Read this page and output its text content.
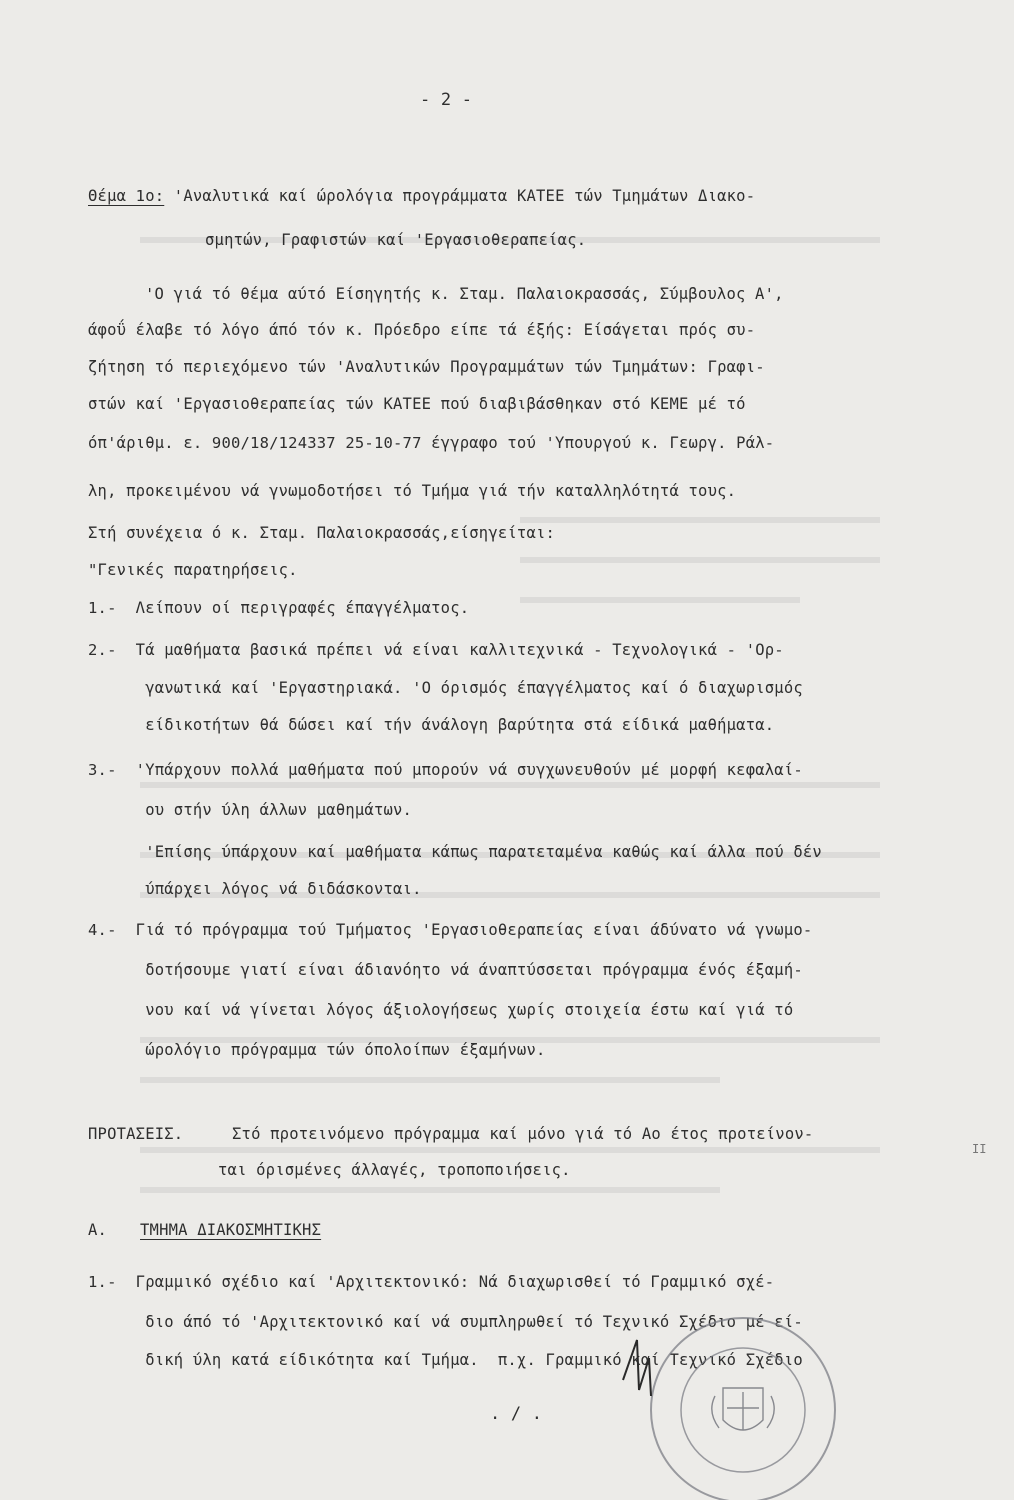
- 2 -
Θέμα 1ο: 'Αναλυτικά καί ώρολόγια προγράμματα ΚΑΤΕΕ τών Τμημάτων Διακο-
σμητών, Γραφιστών καί 'Εργασιοθεραπείας.
'Ο γιά τό θέμα αύτό Είσηγητής κ. Σταμ. Παλαιοκρασσάς, Σύμβουλος Α',
άφοΰ έλαβε τό λόγο άπό τόν κ. Πρόεδρο είπε τά έξής: Είσάγεται πρός συ-
ζήτηση τό περιεχόμενο τών 'Αναλυτικών Προγραμμάτων τών Τμημάτων: Γραφι-
στών καί 'Εργασιοθεραπείας τών ΚΑΤΕΕ πού διαβιβάσθηκαν στό ΚΕΜΕ μέ τό
όπ'άριθμ. ε. 900/18/124337 25-10-77 έγγραφο τού 'Υπουργού κ. Γεωργ. Ράλ-
λη, προκειμένου νά γνωμοδοτήσει τό Τμήμα γιά τήν καταλληλότητά τους.
Στή συνέχεια ό κ. Σταμ. Παλαιοκρασσάς,είσηγείται:
"Γενικές παρατηρήσεις.
1.-  Λείπουν οί περιγραφές έπαγγέλματος.
2.-  Τά μαθήματα βασικά πρέπει νά είναι καλλιτεχνικά - Τεχνολογικά - 'Ορ-
γανωτικά καί 'Εργαστηριακά. 'Ο όρισμός έπαγγέλματος καί ό διαχωρισμός
είδικοτήτων θά δώσει καί τήν άνάλογη βαρύτητα στά είδικά μαθήματα.
3.-  'Υπάρχουν πολλά μαθήματα πού μπορούν νά συγχωνευθούν μέ μορφή κεφαλαί-
ου στήν ύλη άλλων μαθημάτων.
'Επίσης ύπάρχουν καί μαθήματα κάπως παρατεταμένα καθώς καί άλλα πού δέν
ύπάρχει λόγος νά διδάσκονται.
4.-  Γιά τό πρόγραμμα τού Τμήματος 'Εργασιοθεραπείας είναι άδύνατο νά γνωμο-
δοτήσουμε γιατί είναι άδιανόητο νά άναπτύσσεται πρόγραμμα ένός έξαμή-
νου καί νά γίνεται λόγος άξιολογήσεως χωρίς στοιχεία έστω καί γιά τό
ώρολόγιο πρόγραμμα τών όπολοίπων έξαμήνων.
ΠΡΟΤΑΣΕΙΣ.	Στό προτεινόμενο πρόγραμμα καί μόνο γιά τό Αο έτος προτείνον-
ται όρισμένες άλλαγές, τροποποιήσεις.
Α. ΤΜΗΜΑ ΔΙΑΚΟΣΜΗΤΙΚΗΣ
1.-  Γραμμικό σχέδιο καί 'Αρχιτεκτονικό: Νά διαχωρισθεί τό Γραμμικό σχέ-
διο άπό τό 'Αρχιτεκτονικό καί νά συμπληρωθεί τό Τεχνικό Σχέδιο μέ εί-
δική ύλη κατά είδικότητα καί Τμήμα.  π.χ. Γραμμικό καί Τεχνικό Σχέδιο
. / .
II
